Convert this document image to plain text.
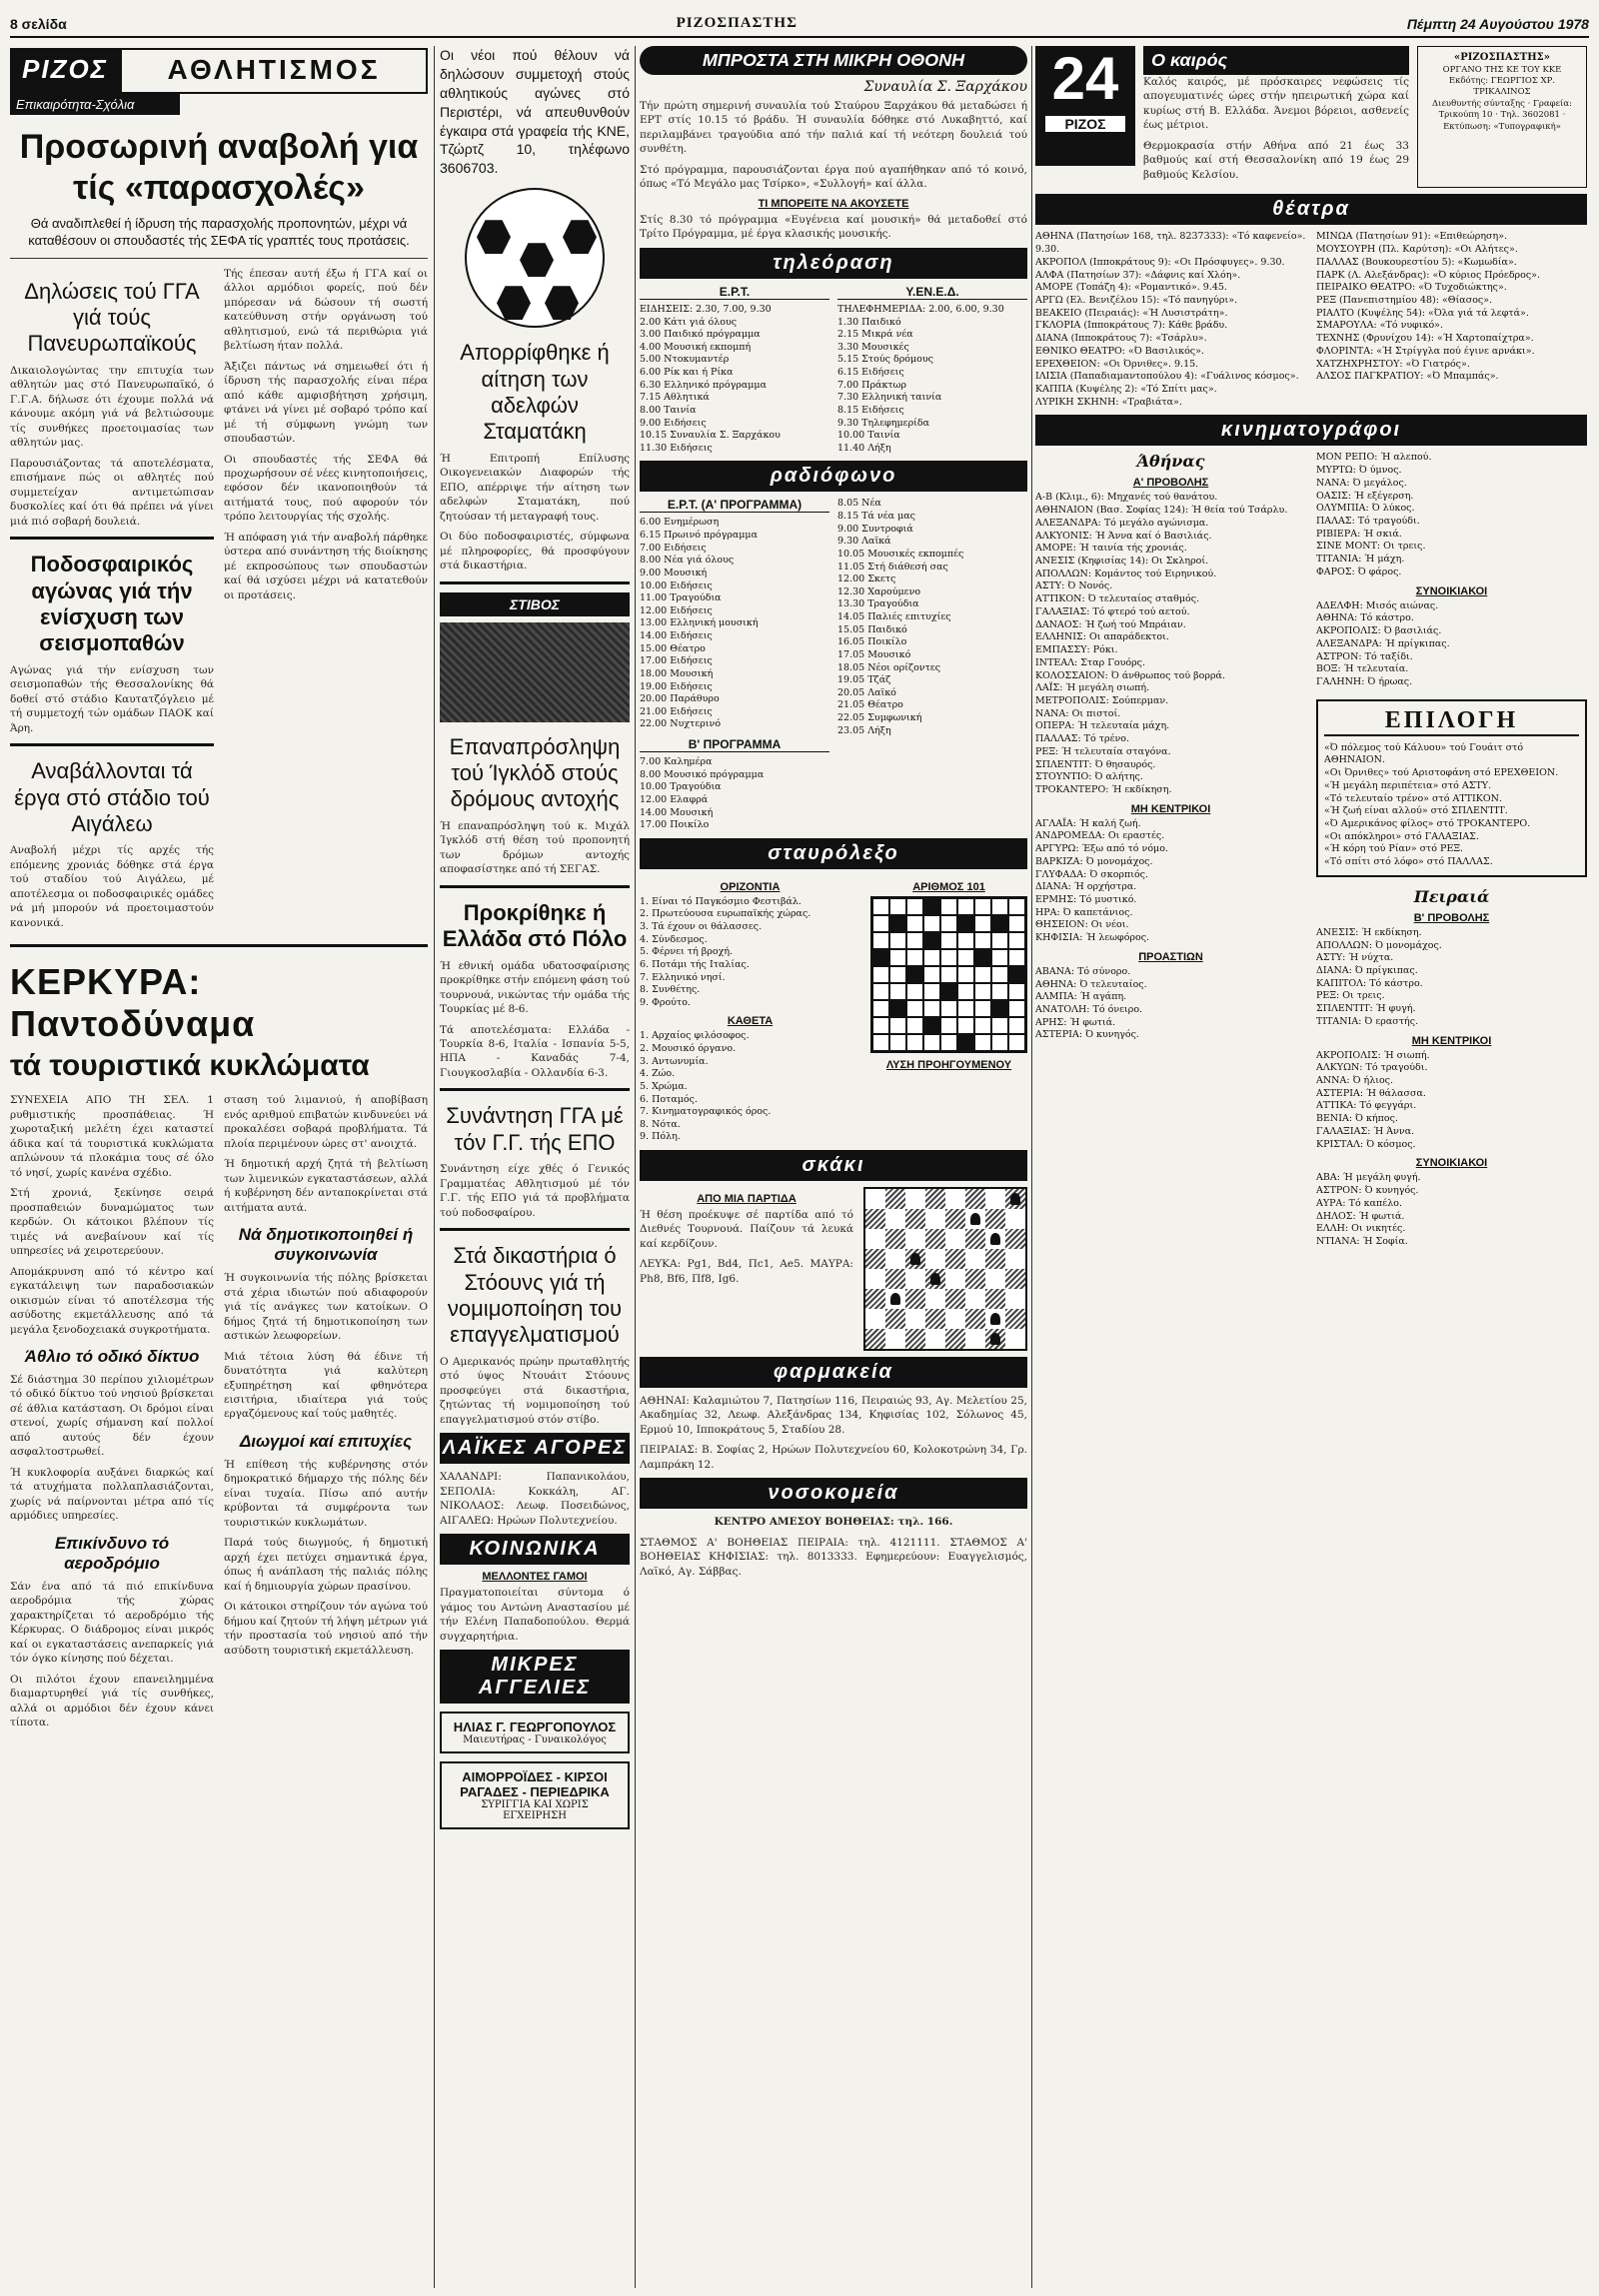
8 σελίδα	ΡΙΖΟΣΠΑΣΤΗΣ	Πέμπτη 24 Αυγούστου 1978
ΡΙΖΟΣ	ΑΘΛΗΤΙΣΜΟΣ
Επικαιρότητα-Σχόλια
Προσωρινή αναβολή για τίς «παρασχολές»

Θά αναδιπλεθεί ή ίδρυση τής παρασχολής προπονητών, μέχρι νά καταθέσουν οι σπουδαστές τής ΣΕΦΑ τίς γραπτές τους προτάσεις.

Δηλώσεις τού ΓΓΑ γιά τούς Πανευρωπαϊκούς

Δικαιολογώντας την επιτυχία των αθλητών μας στό Πανευρωπαϊκό, ό Γ.Γ.Α. δήλωσε ότι έχουμε πολλά νά κάνουμε ακόμη γιά νά βελτιώσουμε τίς συνθήκες προετοιμασίας των αθλητών μας.

Παρουσιάζοντας τά αποτελέσματα, επισήμανε πώς οι αθλητές πού συμμετείχαν αντιμετώπισαν δυσκολίες καί ότι θά πρέπει νά γίνει μιά πιό σοβαρή δουλειά.

Ποδοσφαιρικός αγώνας γιά τήν ενίσχυση των σεισμοπαθών

Αγώνας γιά τήν ενίσχυση των σεισμοπαθών τής Θεσσαλονίκης θά δοθεί στό στάδιο Καυτατζόγλειο μέ τή συμμετοχή τών ομάδων ΠΑΟΚ καί Άρη.

Αναβάλλονται τά έργα στό στάδιο τού Αιγάλεω

Αναβολή μέχρι τίς αρχές τής επόμενης χρονιάς δόθηκε στά έργα τού σταδίου τού Αιγάλεω, μέ αποτέλεσμα οι ποδοσφαιρικές ομάδες νά μή μπορούν νά προετοιμαστούν κανονικά.

Τής έπεσαν αυτή έξω ή ΓΓΑ καί οι άλλοι αρμόδιοι φορείς, πού δέν μπόρεσαν νά δώσουν τή σωστή κατεύθυνση στήν οργάνωση τού αθλητισμού, ενώ τά περιθώρια γιά βελτίωση ήταν πολλά.

Άξιζει πάντως νά σημειωθεί ότι ή ίδρυση τής παρασχολής είναι πέρα από κάθε αμφισβήτηση χρήσιμη, φτάνει νά γίνει μέ σοβαρό τρόπο καί μέ τή σύμφωνη γνώμη των σπουδαστών.

Οι σπουδαστές τής ΣΕΦΑ θά προχωρήσουν σέ νέες κινητοποιήσεις, εφόσον δέν ικανοποιηθούν τά αιτήματά τους, πού αφορούν τόν τρόπο λειτουργίας τής σχολής.

Ή απόφαση γιά τήν αναβολή πάρθηκε ύστερα από συνάντηση τής διοίκησης μέ εκπροσώπους των σπουδαστών καί θά ισχύσει μέχρι νά κατατεθούν οι προτάσεις.

ΚΕΡΚΥΡΑ: Παντοδύναμα
τά τουριστικά κυκλώματα

ΣΥΝΕΧΕΙΑ ΑΠΟ ΤΗ ΣΕΛ. 1 ρυθμιστικής προσπάθειας. Ή χωροταξική μελέτη έχει καταστεί άδικα καί τά τουριστικά κυκλώματα απλώνουν τά πλοκάμια τους σέ όλο τό νησί, χωρίς κανένα σχέδιο.

Στή χρονιά, ξεκίνησε σειρά προσπαθειών δυναμώματος των κερδών. Οι κάτοικοι βλέπουν τίς τιμές νά ανεβαίνουν καί τίς υπηρεσίες νά χειροτερεύουν.

Απομάκρυνση από τό κέντρο καί εγκατάλειψη των παραδοσιακών οικισμών είναι τό αποτέλεσμα τής ασύδοτης εκμετάλλευσης από τά μεγάλα ξενοδοχειακά συγκροτήματα.

Άθλιο τό οδικό δίκτυο

Σέ διάστημα 30 περίπου χιλιομέτρων τό οδικό δίκτυο τού νησιού βρίσκεται σέ άθλια κατάσταση. Οι δρόμοι είναι στενοί, χωρίς σήμανση καί πολλοί από αυτούς δέν έχουν ασφαλτοστρωθεί.

Ή κυκλοφορία αυξάνει διαρκώς καί τά ατυχήματα πολλαπλασιάζονται, χωρίς νά παίρνονται μέτρα από τίς αρμόδιες υπηρεσίες.

Επικίνδυνο τό αεροδρόμιο

Σάν ένα από τά πιό επικίνδυνα αεροδρόμια τής χώρας χαρακτηρίζεται τό αεροδρόμιο τής Κέρκυρας. Ο διάδρομος είναι μικρός καί οι εγκαταστάσεις ανεπαρκείς γιά τόν όγκο κίνησης πού δέχεται.

Οι πιλότοι έχουν επανειλημμένα διαμαρτυρηθεί γιά τίς συνθήκες, αλλά οι αρμόδιοι δέν έχουν κάνει τίποτα.

σταση τού λιμανιού, ή αποβίβαση ενός αριθμού επιβατών κινδυνεύει νά προκαλέσει σοβαρά προβλήματα. Τά πλοία περιμένουν ώρες στ' ανοιχτά.

Ή δημοτική αρχή ζητά τή βελτίωση των λιμενικών εγκαταστάσεων, αλλά ή κυβέρνηση δέν ανταποκρίνεται στά αιτήματα αυτά.

Νά δημοτικοποιηθεί ή συγκοινωνία

Ή συγκοινωνία τής πόλης βρίσκεται στά χέρια ιδιωτών πού αδιαφορούν γιά τίς ανάγκες των κατοίκων. Ο δήμος ζητά τή δημοτικοποίηση των αστικών λεωφορείων.

Μιά τέτοια λύση θά έδινε τή δυνατότητα γιά καλύτερη εξυπηρέτηση καί φθηνότερα εισιτήρια, ιδιαίτερα γιά τούς εργαζόμενους καί τούς μαθητές.

Διωγμοί καί επιτυχίες

Ή επίθεση τής κυβέρνησης στόν δημοκρατικό δήμαρχο τής πόλης δέν είναι τυχαία. Πίσω από αυτήν κρύβονται τά συμφέροντα των τουριστικών κυκλωμάτων.

Παρά τούς διωγμούς, ή δημοτική αρχή έχει πετύχει σημαντικά έργα, όπως ή ανάπλαση τής παλιάς πόλης καί ή δημιουργία χώρων πρασίνου.

Οι κάτοικοι στηρίζουν τόν αγώνα τού δήμου καί ζητούν τή λήψη μέτρων γιά τήν προστασία τού νησιού από τήν ασύδοτη τουριστική εκμετάλλευση.

Οι νέοι πού θέλουν νά δηλώσουν συμμετοχή στούς αθλητικούς αγώνες στό Περιστέρι, νά απευθυνθούν έγκαιρα στά γραφεία τής ΚΝΕ, Τζώρτζ 10, τηλέφωνο 3606703.

Απορρίφθηκε ή αίτηση των αδελφών Σταματάκη

Ή Επιτροπή Επίλυσης Οικογενειακών Διαφορών τής ΕΠΟ, απέρριψε τήν αίτηση των αδελφών Σταματάκη, πού ζητούσαν τή μεταγραφή τους.

Οι δύο ποδοσφαιριστές, σύμφωνα μέ πληροφορίες, θά προσφύγουν στά δικαστήρια.

ΣΤΙΒΟΣ
Επαναπρόσληψη τού Ίγκλόδ στούς δρόμους αντοχής

Ή επαναπρόσληψη τού κ. Μιχάλ Ίγκλόδ στή θέση τού προπονητή των δρόμων αντοχής αποφασίστηκε από τή ΣΕΓΑΣ.

Προκρίθηκε ή Ελλάδα στό Πόλο

Ή εθνική ομάδα υδατοσφαίρισης προκρίθηκε στήν επόμενη φάση τού τουρνουά, νικώντας τήν ομάδα τής Τουρκίας μέ 8-6.

Τά αποτελέσματα: Ελλάδα - Τουρκία 8-6, Ιταλία - Ισπανία 5-5, ΗΠΑ - Καναδάς 7-4, Γιουγκοσλαβία - Ολλανδία 6-3.

Συνάντηση ΓΓΑ μέ τόν Γ.Γ. τής ΕΠΟ

Συνάντηση είχε χθές ό Γενικός Γραμματέας Αθλητισμού μέ τόν Γ.Γ. τής ΕΠΟ γιά τά προβλήματα τού ποδοσφαίρου.

Στά δικαστήρια ό Στόουνς γιά τή νομιμοποίηση του επαγγελματισμού

Ο Αμερικανός πρώην πρωταθλητής στό ύψος Ντουάιτ Στόουνς προσφεύγει στά δικαστήρια, ζητώντας τή νομιμοποίηση τού επαγγελματισμού στόν στίβο.

ΛΑΪΚΕΣ ΑΓΟΡΕΣ

ΧΑΛΑΝΔΡΙ: Παπανικολάου, ΣΕΠΟΛΙΑ: Κοκκάλη, ΑΓ. ΝΙΚΟΛΑΟΣ: Λεωφ. Ποσειδώνος, ΑΙΓΑΛΕΩ: Ηρώων Πολυτεχνείου.

ΚΟΙΝΩΝΙΚΑ
ΜΕΛΛΟΝΤΕΣ ΓΑΜΟΙ

Πραγματοποιείται σύντομα ό γάμος του Αντώνη Αναστασίου μέ τήν Ελένη Παπαδοπούλου. Θερμά συγχαρητήρια.

ΜΙΚΡΕΣ ΑΓΓΕΛΙΕΣ
ΗΛΙΑΣ Γ. ΓΕΩΡΓΟΠΟΥΛΟΣ
Μαιευτήρας - Γυναικολόγος
ΑΙΜΟΡΡΟΪΔΕΣ - ΚΙΡΣΟΙ
ΡΑΓΑΔΕΣ - ΠΕΡΙΕΔΡΙΚΑ
ΣΥΡΙΓΓΙΑ ΚΑΙ ΧΩΡΙΣ ΕΓΧΕΙΡΗΣΗ
ΜΠΡΟΣΤΑ ΣΤΗ ΜΙΚΡΗ ΟΘΟΝΗ
Συναυλία Σ. Ξαρχάκου

Τήν πρώτη σημερινή συναυλία τού Σταύρου Ξαρχάκου θά μεταδώσει ή ΕΡΤ στίς 10.15 τό βράδυ. Ή συναυλία δόθηκε στό Λυκαβηττό, καί περιλαμβάνει τραγούδια από τήν παλιά καί τή νεότερη δουλειά τού συνθέτη.

Στό πρόγραμμα, παρουσιάζονται έργα πού αγαπήθηκαν από τό κοινό, όπως «Τό Μεγάλο μας Τσίρκο», «Συλλογή» καί άλλα.

ΤΙ ΜΠΟΡΕΙΤΕ ΝΑ ΑΚΟΥΣΕΤΕ

Στίς 8.30 τό πρόγραμμα «Ευγένεια καί μουσική» θά μεταδοθεί στό Τρίτο Πρόγραμμα, μέ έργα κλασικής μουσικής.

τηλεόραση
Ε.Ρ.Τ.
ΕΙΔΗΣΕΙΣ: 2.30, 7.00, 9.30
2.00 Κάτι γιά όλους
3.00 Παιδικό πρόγραμμα
4.00 Μουσική εκπομπή
5.00 Ντοκυμαντέρ
6.00 Ρίκ και ή Ρίκα
6.30 Ελληνικό πρόγραμμα
7.15 Αθλητικά
8.00 Ταινία
9.00 Ειδήσεις
10.15 Συναυλία Σ. Ξαρχάκου
11.30 Ειδήσεις
Υ.ΕΝ.Ε.Δ.
ΤΗΛΕΦΗΜΕΡΙΔΑ: 2.00, 6.00, 9.30
1.30 Παιδικό
2.15 Μικρά νέα
3.30 Μουσικές
5.15 Στούς δρόμους
6.15 Ειδήσεις
7.00 Πράκτωρ
7.30 Ελληνική ταινία
8.15 Ειδήσεις
9.30 Τηλεφημερίδα
10.00 Ταινία
11.40 Λήξη
ραδιόφωνο
Ε.Ρ.Τ. (Α' ΠΡΟΓΡΑΜΜΑ)
6.00 Ενημέρωση
6.15 Πρωινό πρόγραμμα
7.00 Ειδήσεις
8.00 Νέα γιά όλους
9.00 Μουσική
10.00 Ειδήσεις
11.00 Τραγούδια
12.00 Ειδήσεις
13.00 Ελληνική μουσική
14.00 Ειδήσεις
15.00 Θέατρο
17.00 Ειδήσεις
18.00 Μουσική
19.00 Ειδήσεις
20.00 Παράθυρο
21.00 Ειδήσεις
22.00 Νυχτερινό
Β' ΠΡΟΓΡΑΜΜΑ
7.00 Καλημέρα
8.00 Μουσικό πρόγραμμα
10.00 Τραγούδια
12.00 Ελαφρά
14.00 Μουσική
17.00 Ποικίλο
8.05 Νέα
8.15 Τά νέα μας
9.00 Συντροφιά
9.30 Λαϊκά
10.05 Μουσικές εκπομπές
11.05 Στή διάθεσή σας
12.00 Σκετς
12.30 Χαρούμενο
13.30 Τραγούδια
14.05 Παλιές επιτυχίες
15.05 Παιδικό
16.05 Ποικίλο
17.05 Μουσικό
18.05 Νέοι ορίζοντες
19.05 Τζάζ
20.05 Λαϊκό
21.05 Θέατρο
22.05 Συμφωνική
23.05 Λήξη
σταυρόλεξο
ΟΡΙΖΟΝΤΙΑ
1. Είναι τό Παγκόσμιο Φεστιβάλ.
2. Πρωτεύουσα ευρωπαϊκής χώρας.
3. Τά έχουν οι θάλασσες.
4. Σύνδεσμος.
5. Φέρνει τή βροχή.
6. Ποτάμι τής Ιταλίας.
7. Ελληνικό νησί.
8. Συνθέτης.
9. Φρούτο.
ΚΑΘΕΤΑ
1. Αρχαίος φιλόσοφος.
2. Μουσικό όργανο.
3. Αντωνυμία.
4. Ζώο.
5. Χρώμα.
6. Ποταμός.
7. Κινηματογραφικός όρος.
8. Νότα.
9. Πόλη.
ΑΡΙΘΜΟΣ 101
ΛΥΣΗ ΠΡΟΗΓΟΥΜΕΝΟΥ
σκάκι
ΑΠΟ ΜΙΑ ΠΑΡΤΙΔΑ

Ή θέση προέκυψε σέ παρτίδα από τό Διεθνές Τουρνουά. Παίζουν τά λευκά καί κερδίζουν.

ΛΕΥΚΑ: Ρg1, Βd4, Πc1, Ae5. ΜΑΥΡΑ: Ρh8, Βf6, Πf8, Ιg6.

φαρμακεία

ΑΘΗΝΑΙ: Καλαμιώτου 7, Πατησίων 116, Πειραιώς 93, Αγ. Μελετίου 25, Ακαδημίας 32, Λεωφ. Αλεξάνδρας 134, Κηφισίας 102, Σόλωνος 45, Ερμού 10, Ιπποκράτους 5, Σταδίου 28.

ΠΕΙΡΑΙΑΣ: Β. Σοφίας 2, Ηρώων Πολυτεχνείου 60, Κολοκοτρώνη 34, Γρ. Λαμπράκη 12.

νοσοκομεία

ΚΕΝΤΡΟ ΑΜΕΣΟΥ ΒΟΗΘΕΙΑΣ: τηλ. 166.

ΣΤΑΘΜΟΣ Α' ΒΟΗΘΕΙΑΣ ΠΕΙΡΑΙΑ: τηλ. 4121111. ΣΤΑΘΜΟΣ Α' ΒΟΗΘΕΙΑΣ ΚΗΦΙΣΙΑΣ: τηλ. 8013333. Εφημερεύουν: Ευαγγελισμός, Λαϊκό, Αγ. Σάββας.

24
ΡΙΖΟΣ
Ο καιρός

Καλός καιρός, μέ πρόσκαιρες νεφώσεις τίς απογευματινές ώρες στήν ηπειρωτική χώρα καί κυρίως στή Β. Ελλάδα. Άνεμοι βόρειοι, ασθενείς έως μέτριοι.

Θερμοκρασία στήν Αθήνα από 21 έως 33 βαθμούς καί στή Θεσσαλονίκη από 19 έως 29 βαθμούς Κελσίου.

«ΡΙΖΟΣΠΑΣΤΗΣ»
ΟΡΓΑΝΟ ΤΗΣ ΚΕ ΤΟΥ ΚΚΕ
Εκδότης: ΓΕΩΡΓΙΟΣ ΧΡ. ΤΡΙΚΑΛΙΝΟΣ
Διευθυντής σύνταξης · Γραφεία: Τρικούπη 10 · Τηλ. 3602081 · Εκτύπωση: «Τυπογραφική»
θέατρα
ΑΘΗΝΑ (Πατησίων 168, τηλ. 8237333): «Τό καφενείο». 9.30.
ΑΚΡΟΠΟΛ (Ιπποκράτους 9): «Οι Πρόσφυγες». 9.30.
ΑΛΦΑ (Πατησίων 37): «Δάφνις καί Χλόη».
ΑΜΟΡΕ (Τοπάζη 4): «Ρομαντικό». 9.45.
ΑΡΓΩ (Ελ. Βενιζέλου 15): «Τό πανηγύρι».
ΒΕΑΚΕΙΟ (Πειραιάς): «Ή Λυσιστράτη».
ΓΚΛΟΡΙΑ (Ιπποκράτους 7): Κάθε βράδυ.
ΔΙΑΝΑ (Ιπποκράτους 7): «Τσάρλυ».
ΕΘΝΙΚΟ ΘΕΑΤΡΟ: «Ό Βασιλικός».
ΕΡΕΧΘΕΙΟΝ: «Οι Όρνιθες». 9.15.
ΙΛΙΣΙΑ (Παπαδιαμαντοπούλου 4): «Γυάλινος κόσμος».
ΚΑΠΠΑ (Κυψέλης 2): «Τό Σπίτι μας».
ΛΥΡΙΚΗ ΣΚΗΝΗ: «Τραβιάτα».
ΜΙΝΩΑ (Πατησίων 91): «Επιθεώρηση».
ΜΟΥΣΟΥΡΗ (Πλ. Καρύτση): «Οι Αλήτες».
ΠΑΛΛΑΣ (Βουκουρεστίου 5): «Κωμωδία».
ΠΑΡΚ (Λ. Αλεξάνδρας): «Ό κύριος Πρόεδρος».
ΠΕΙΡΑΙΚΟ ΘΕΑΤΡΟ: «Ό Τυχοδιώκτης».
ΡΕΞ (Πανεπιστημίου 48): «Θίασος».
ΡΙΑΛΤΟ (Κυψέλης 54): «Όλα γιά τά λεφτά».
ΣΜΑΡΟΥΛΑ: «Τό νυφικό».
ΤΕΧΝΗΣ (Φρυνίχου 14): «Ή Χαρτοπαίχτρα».
ΦΛΟΡΙΝΤΑ: «Ή Στρίγγλα πού έγινε αρνάκι».
ΧΑΤΖΗΧΡΗΣΤΟΥ: «Ό Γιατρός».
ΑΛΣΟΣ ΠΑΓΚΡΑΤΙΟΥ: «Ό Μπαμπάς».
κινηματογράφοι
Άθήνας
Α' ΠΡΟΒΟΛΗΣ
Α-Β (Κλιμ., 6): Μηχανές τού θανάτου.
ΑΘΗΝΑΙΟΝ (Βασ. Σοφίας 124): Ή θεία τού Τσάρλυ.
ΑΛΕΞΑΝΔΡΑ: Τό μεγάλο αγώνισμα.
ΑΛΚΥΟΝΙΣ: Ή Άννα καί ό Βασιλιάς.
ΑΜΟΡΕ: Ή ταινία τής χρονιάς.
ΑΝΕΣΙΣ (Κηφισίας 14): Οι Σκληροί.
ΑΠΟΛΛΩΝ: Κομάντος τού Ειρηνικού.
ΑΣΤΥ: Ό Νονός.
ΑΤΤΙΚΟΝ: Ό τελευταίος σταθμός.
ΓΑΛΑΞΙΑΣ: Τό φτερό τού αετού.
ΔΑΝΑΟΣ: Ή ζωή τού Μπράιαν.
ΕΛΛΗΝΙΣ: Οι απαράδεκτοι.
ΕΜΠΑΣΣΥ: Ρόκι.
ΙΝΤΕΑΛ: Σταρ Γουόρς.
ΚΟΛΟΣΣΑΙΟΝ: Ό άνθρωπος τού βορρά.
ΛΑΪΣ: Ή μεγάλη σιωπή.
ΜΕΤΡΟΠΟΛΙΣ: Σούπερμαν.
ΝΑΝΑ: Οι πιστοί.
ΟΠΕΡΑ: Ή τελευταία μάχη.
ΠΑΛΛΑΣ: Τό τρένο.
ΡΕΞ: Ή τελευταία σταγόνα.
ΣΠΛΕΝΤΙΤ: Ό θησαυρός.
ΣΤΟΥΝΤΙΟ: Ό αλήτης.
ΤΡΟΚΑΝΤΕΡΟ: Ή εκδίκηση.
ΜΗ ΚΕΝΤΡΙΚΟΙ
ΑΓΛΑΪΑ: Ή καλή ζωή.
ΑΝΔΡΟΜΕΔΑ: Οι εραστές.
ΑΡΓΥΡΩ: Έξω από τό νόμο.
ΒΑΡΚΙΖΑ: Ό μονομάχος.
ΓΛΥΦΑΔΑ: Ό σκορπιός.
ΔΙΑΝΑ: Ή ορχήστρα.
ΕΡΜΗΣ: Τό μυστικό.
ΗΡΑ: Ό καπετάνιος.
ΘΗΣΕΙΟΝ: Οι νέοι.
ΚΗΦΙΣΙΑ: Ή λεωφόρος.
ΠΡΟΑΣΤΙΩΝ
ΑΒΑΝΑ: Τό σύνορο.
ΑΘΗΝΑ: Ό τελευταίος.
ΑΛΜΠΑ: Ή αγάπη.
ΑΝΑΤΟΛΗ: Τό όνειρο.
ΑΡΗΣ: Ή φωτιά.
ΑΣΤΕΡΙΑ: Ό κυνηγός.
ΜΟΝ ΡΕΠΟ: Ή αλεπού.
ΜΥΡΤΩ: Ό ύμνος.
ΝΑΝΑ: Ό μεγάλος.
ΟΑΣΙΣ: Ή εξέγερση.
ΟΛΥΜΠΙΑ: Ό λύκος.
ΠΑΛΑΣ: Τό τραγούδι.
ΡΙΒΙΕΡΑ: Ή σκιά.
ΣΙΝΕ ΜΟΝΤ: Οι τρεις.
ΤΙΤΑΝΙΑ: Ή μάχη.
ΦΑΡΟΣ: Ό φάρος.
ΣΥΝΟΙΚΙΑΚΟΙ
ΑΔΕΛΦΗ: Μισός αιώνας.
ΑΘΗΝΑ: Τό κάστρο.
ΑΚΡΟΠΟΛΙΣ: Ό βασιλιάς.
ΑΛΕΞΑΝΔΡΑ: Ή πρίγκιπας.
ΑΣΤΡΟΝ: Τό ταξίδι.
ΒΟΞ: Ή τελευταία.
ΓΑΛΗΝΗ: Ό ήρωας.
ΕΠΙΛΟΓΗ
«Ό πόλεμος τού Κάλυου» τού Γουάιτ στό ΑΘΗΝΑΙΟΝ.
«Οι Όρνιθες» τού Αριστοφάνη στό ΕΡΕΧΘΕΙΟΝ.
«Ή μεγάλη περιπέτεια» στό ΑΣΤΥ.
«Τό τελευταίο τρένο» στό ΑΤΤΙΚΟΝ.
«Ή ζωή είναι αλλού» στό ΣΠΛΕΝΤΙΤ.
«Ό Αμερικάνος φίλος» στό ΤΡΟΚΑΝΤΕΡΟ.
«Οι απόκληροι» στό ΓΑΛΑΞΙΑΣ.
«Ή κόρη τού Ρίαν» στό ΡΕΞ.
«Τό σπίτι στό λόφο» στό ΠΑΛΛΑΣ.
Πειραιά
Β' ΠΡΟΒΟΛΗΣ
ΑΝΕΣΙΣ: Ή εκδίκηση.
ΑΠΟΛΛΩΝ: Ό μονομάχος.
ΑΣΤΥ: Ή νύχτα.
ΔΙΑΝΑ: Ό πρίγκιπας.
ΚΑΠΙΤΟΛ: Τό κάστρο.
ΡΕΞ: Οι τρεις.
ΣΠΛΕΝΤΙΤ: Ή φυγή.
ΤΙΤΑΝΙΑ: Ό εραστής.
ΜΗ ΚΕΝΤΡΙΚΟΙ
ΑΚΡΟΠΟΛΙΣ: Ή σιωπή.
ΑΛΚΥΩΝ: Τό τραγούδι.
ΑΝΝΑ: Ό ήλιος.
ΑΣΤΕΡΙΑ: Ή θάλασσα.
ΑΤΤΙΚΑ: Τό φεγγάρι.
ΒΕΝΙΑ: Ό κήπος.
ΓΑΛΑΞΙΑΣ: Ή Άννα.
ΚΡΙΣΤΑΛ: Ό κόσμος.
ΣΥΝΟΙΚΙΑΚΟΙ
ΑΒΑ: Ή μεγάλη φυγή.
ΑΣΤΡΟΝ: Ό κυνηγός.
ΑΥΡΑ: Τό καπέλο.
ΔΗΛΟΣ: Ή φωτιά.
ΕΛΛΗ: Οι νικητές.
ΝΤΙΑΝΑ: Ή Σοφία.
